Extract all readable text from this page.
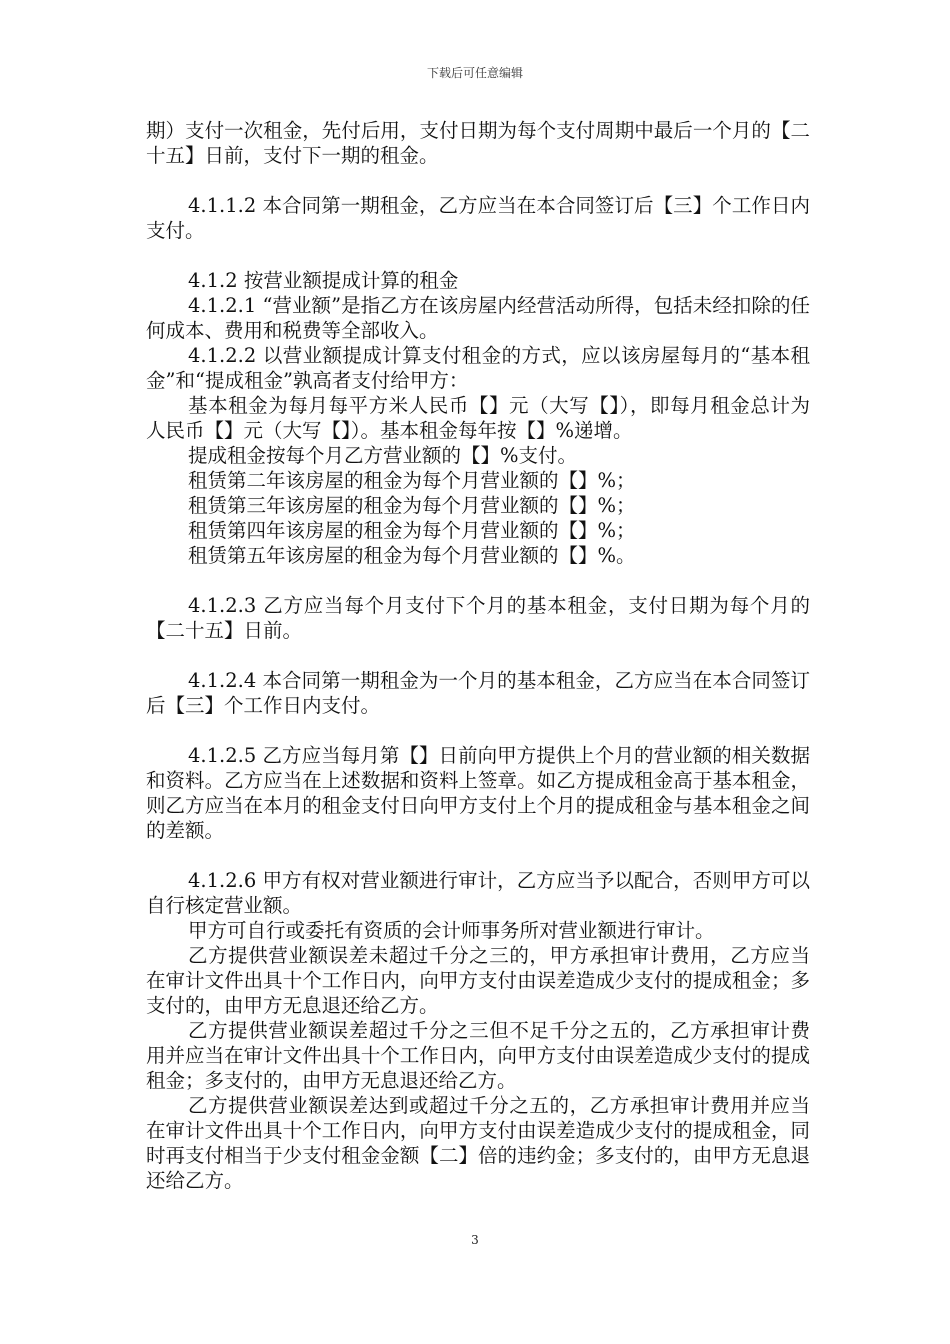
下载后可任意编辑

期）支付一次租金，先付后用，支付日期为每个支付周期中最后一个月的【二十五】日前，支付下一期的租金。

4.1.1.2 本合同第一期租金，乙方应当在本合同签订后【三】个工作日内支付。

4.1.2 按营业额提成计算的租金

4.1.2.1 “营业额”是指乙方在该房屋内经营活动所得，包括未经扣除的任何成本、费用和税费等全部收入。

4.1.2.2 以营业额提成计算支付租金的方式，应以该房屋每月的“基本租金”和“提成租金”孰高者支付给甲方：

基本租金为每月每平方米人民币【】元（大写【】），即每月租金总计为人民币【】元（大写【】）。基本租金每年按【】%递增。

提成租金按每个月乙方营业额的【】%支付。

租赁第二年该房屋的租金为每个月营业额的【】%；

租赁第三年该房屋的租金为每个月营业额的【】%；

租赁第四年该房屋的租金为每个月营业额的【】%；

租赁第五年该房屋的租金为每个月营业额的【】%。

4.1.2.3 乙方应当每个月支付下个月的基本租金，支付日期为每个月的【二十五】日前。

4.1.2.4 本合同第一期租金为一个月的基本租金，乙方应当在本合同签订后【三】个工作日内支付。

4.1.2.5 乙方应当每月第【】日前向甲方提供上个月的营业额的相关数据和资料。乙方应当在上述数据和资料上签章。如乙方提成租金高于基本租金，则乙方应当在本月的租金支付日向甲方支付上个月的提成租金与基本租金之间的差额。

4.1.2.6 甲方有权对营业额进行审计，乙方应当予以配合，否则甲方可以自行核定营业额。

甲方可自行或委托有资质的会计师事务所对营业额进行审计。

乙方提供营业额误差未超过千分之三的，甲方承担审计费用，乙方应当在审计文件出具十个工作日内，向甲方支付由误差造成少支付的提成租金；多支付的，由甲方无息退还给乙方。

乙方提供营业额误差超过千分之三但不足千分之五的，乙方承担审计费用并应当在审计文件出具十个工作日内，向甲方支付由误差造成少支付的提成租金；多支付的，由甲方无息退还给乙方。

乙方提供营业额误差达到或超过千分之五的，乙方承担审计费用并应当在审计文件出具十个工作日内，向甲方支付由误差造成少支付的提成租金，同时再支付相当于少支付租金金额【二】倍的违约金；多支付的，由甲方无息退还给乙方。

3
